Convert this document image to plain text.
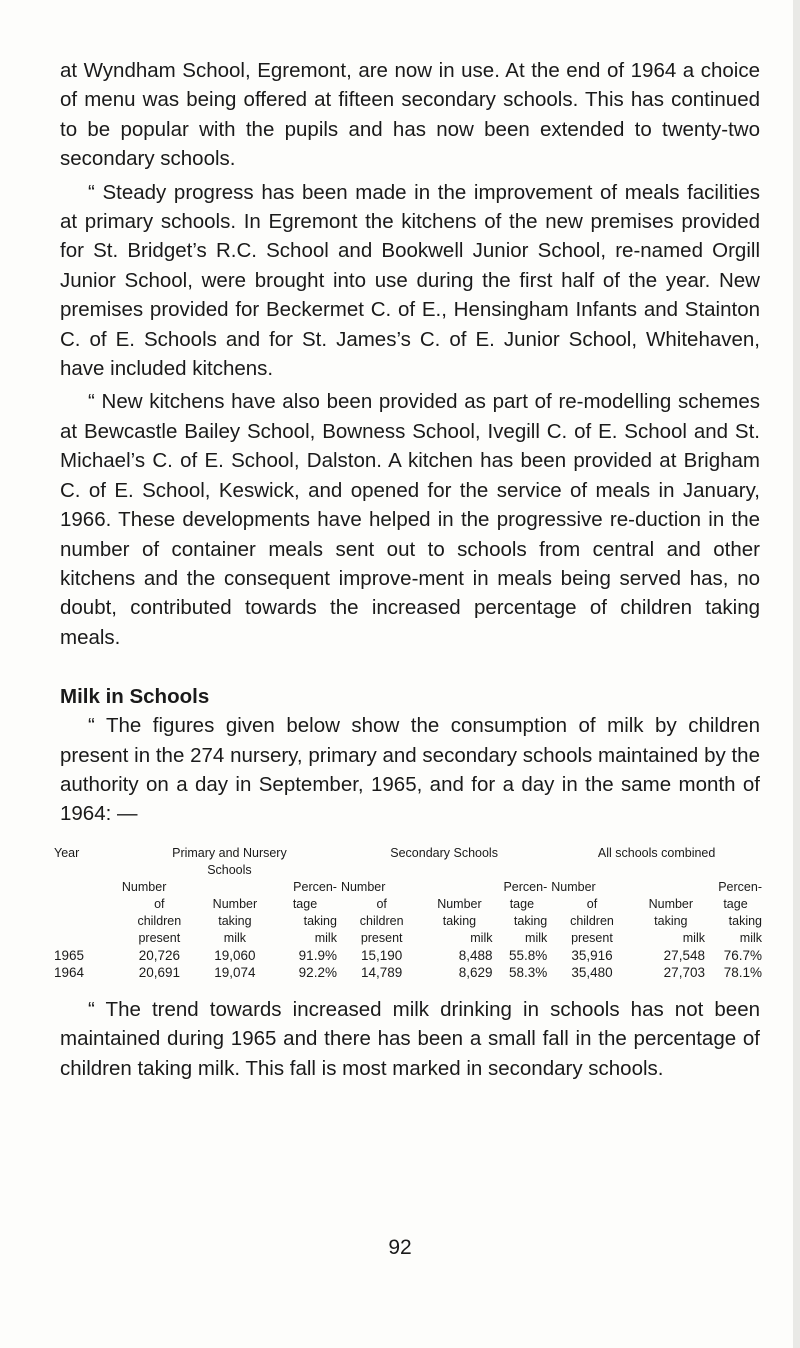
at Wyndham School, Egremont, are now in use. At the end of 1964 a choice of menu was being offered at fifteen secondary schools. This has continued to be popular with the pupils and has now been extended to twenty-two secondary schools.

“ Steady progress has been made in the improvement of meals facilities at primary schools. In Egremont the kitchens of the new premises provided for St. Bridget’s R.C. School and Bookwell Junior School, re-named Orgill Junior School, were brought into use during the first half of the year. New premises provided for Beckermet C. of E., Hensingham Infants and Stainton C. of E. Schools and for St. James’s C. of E. Junior School, Whitehaven, have included kitchens.

“ New kitchens have also been provided as part of re-modelling schemes at Bewcastle Bailey School, Bowness School, Ivegill C. of E. School and St. Michael’s C. of E. School, Dalston. A kitchen has been provided at Brigham C. of E. School, Keswick, and opened for the service of meals in January, 1966. These developments have helped in the progressive re-duction in the number of container meals sent out to schools from central and other kitchens and the consequent improve-ment in meals being served has, no doubt, contributed towards the increased percentage of children taking meals.

Milk in Schools

“ The figures given below show the consumption of milk by children present in the 274 nursery, primary and secondary schools maintained by the authority on a day in September, 1965, and for a day in the same month of 1964: —

Year	Primary and Nursery			Secondary Schools			All schools combined		
	Schools								
	Number		Percen-	Number		Percen-	Number		Percen-
	of	Number	tage	of	Number	tage	of	Number	tage
	children	taking	taking	children	taking	taking	children	taking	taking
	present	milk	milk	present	milk	milk	present	milk	milk
1965	20,726	19,060	91.9%	15,190	8,488	55.8%	35,916	27,548	76.7%
1964	20,691	19,074	92.2%	14,789	8,629	58.3%	35,480	27,703	78.1%

“ The trend towards increased milk drinking in schools has not been maintained during 1965 and there has been a small fall in the percentage of children taking milk. This fall is most marked in secondary schools.

92
